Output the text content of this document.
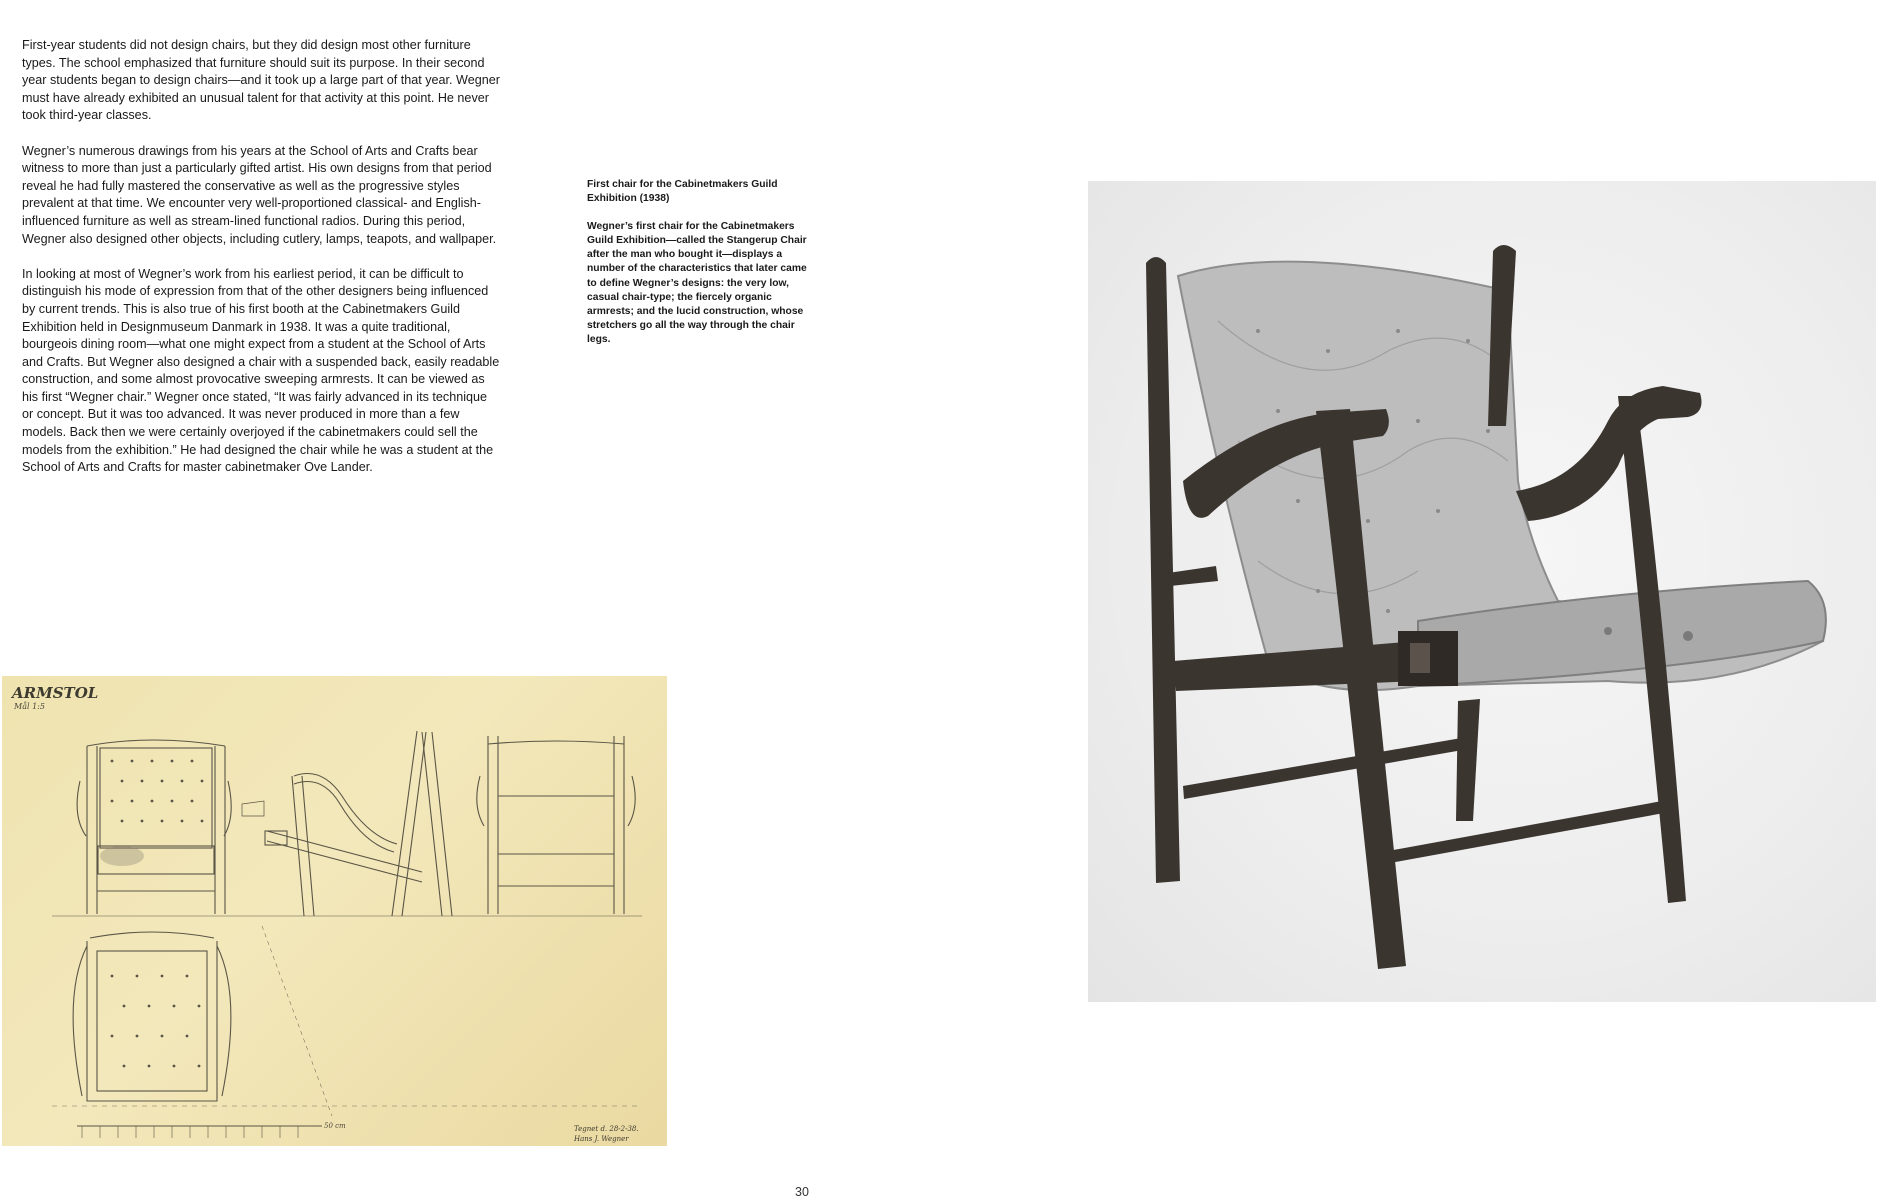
First-year students did not design chairs, but they did design most other furniture types. The school emphasized that furniture should suit its purpose. In their second year students began to design chairs—and it took up a large part of that year. Wegner must have already exhibited an unusual talent for that activity at this point. He never took third-year classes.

Wegner’s numerous drawings from his years at the School of Arts and Crafts bear witness to more than just a particularly gifted artist. His own designs from that period reveal he had fully mastered the conservative as well as the progressive styles prevalent at that time. We encounter very well-proportioned classical- and English-influenced furniture as well as stream-lined functional radios. During this period, Wegner also designed other objects, including cutlery, lamps, teapots, and wallpaper.

In looking at most of Wegner’s work from his earliest period, it can be difficult to distinguish his mode of expression from that of the other designers being influenced by current trends. This is also true of his first booth at the Cabinetmakers Guild Exhibition held in Designmuseum Danmark in 1938. It was a quite traditional, bourgeois dining room—what one might expect from a student at the School of Arts and Crafts. But Wegner also designed a chair with a suspended back, easily readable construction, and some almost provocative sweeping armrests. It can be viewed as his first “Wegner chair.” Wegner once stated, “It was fairly advanced in its technique or concept. But it was too advanced. It was never produced in more than a few models. Back then we were certainly overjoyed if the cabinetmakers could sell the models from the exhibition.” He had designed the chair while he was a student at the School of Arts and Crafts for master cabinetmaker Ove Lander.

First chair for the Cabinetmakers Guild Exhibition (1938)

Wegner’s first chair for the Cabinetmakers Guild Exhibition—called the Stangerup Chair after the man who bought it—displays a number of the characteristics that later came to define Wegner’s designs: the very low, casual chair-type; the fiercely organic armrests; and the lucid construction, whose stretchers go all the way through the chair legs.

ARMSTOL
Mål 1:5
50 cm	Tegnet d. 28-2-38.
Hans J. Wegner
30
